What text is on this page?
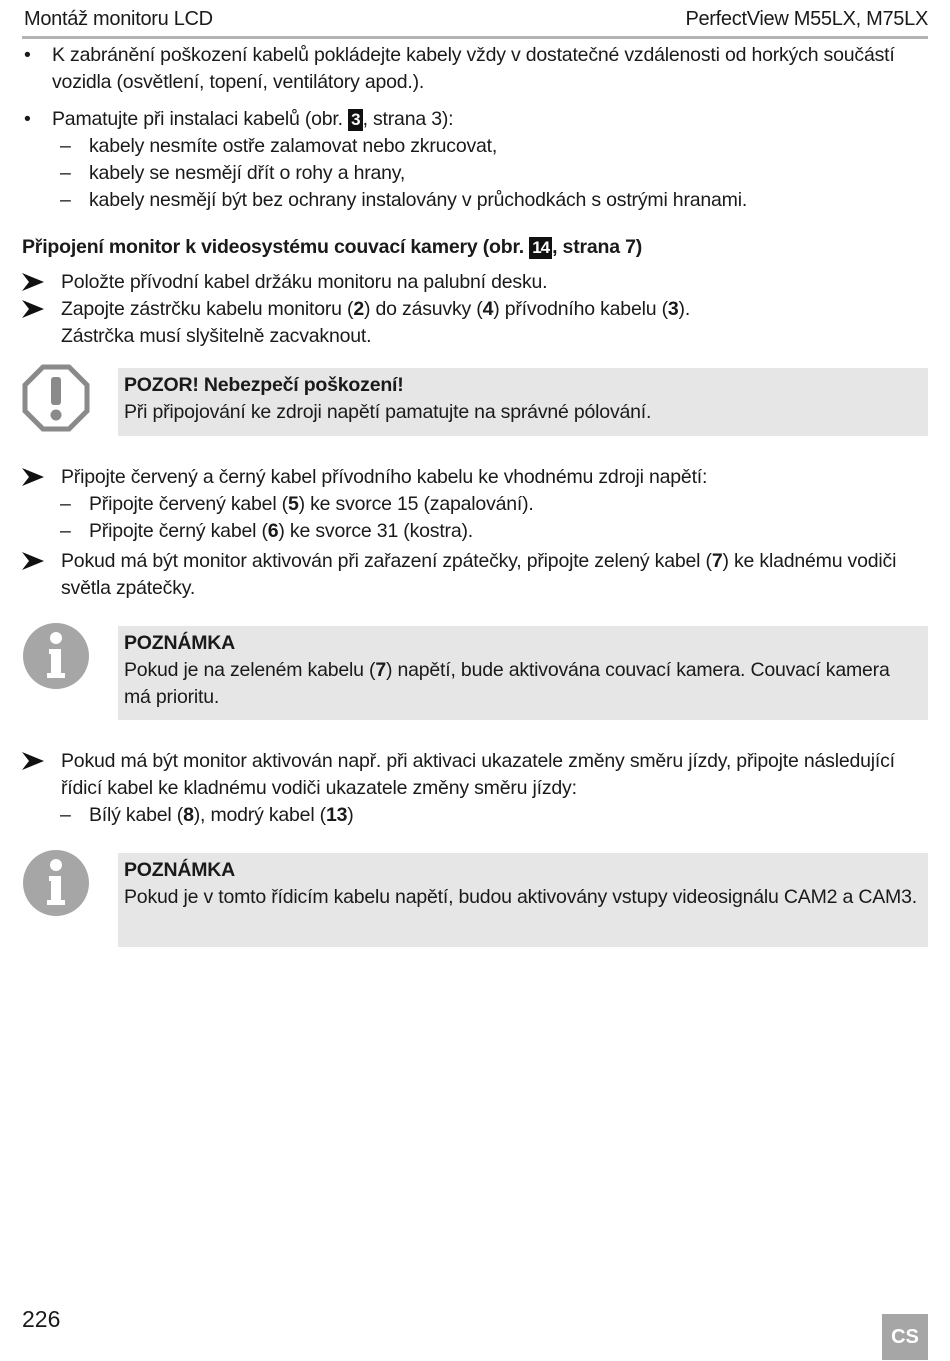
Montáž monitoru LCD	PerfectView M55LX, M75LX
• K zabránění poškození kabelů pokládejte kabely vždy v dostatečné vzdálenosti od horkých součástí vozidla (osvětlení, topení, ventilátory apod.).
• Pamatujte při instalaci kabelů (obr. 3 , strana 3):
– kabely nesmíte ostře zalamovat nebo zkrucovat,
– kabely se nesmějí dřít o rohy a hrany,
– kabely nesmějí být bez ochrany instalovány v průchodkách s ostrými hranami.
Připojení monitor k videosystému couvací kamery (obr. 14 , strana 7)
Položte přívodní kabel držáku monitoru na palubní desku.
Zapojte zástrčku kabelu monitoru (2) do zásuvky (4) přívodního kabelu (3).
Zástrčka musí slyšitelně zacvaknout.
POZOR! Nebezpečí poškození!
Při připojování ke zdroji napětí pamatujte na správné pólování.
Připojte červený a černý kabel přívodního kabelu ke vhodnému zdroji napětí:
– Připojte červený kabel (5) ke svorce 15 (zapalování).
– Připojte černý kabel (6) ke svorce 31 (kostra).
Pokud má být monitor aktivován při zařazení zpátečky, připojte zelený kabel (7) ke kladnému vodiči světla zpátečky.
POZNÁMKA
Pokud je na zeleném kabelu (7) napětí, bude aktivována couvací kamera. Couvací kamera má prioritu.
Pokud má být monitor aktivován např. při aktivaci ukazatele změny směru jízdy, připojte následující řídicí kabel ke kladnému vodiči ukazatele změny směru jízdy:
– Bílý kabel (8), modrý kabel (13)
POZNÁMKA
Pokud je v tomto řídicím kabelu napětí, budou aktivovány vstupy videosignálu CAM2 a CAM3.
226
CS
